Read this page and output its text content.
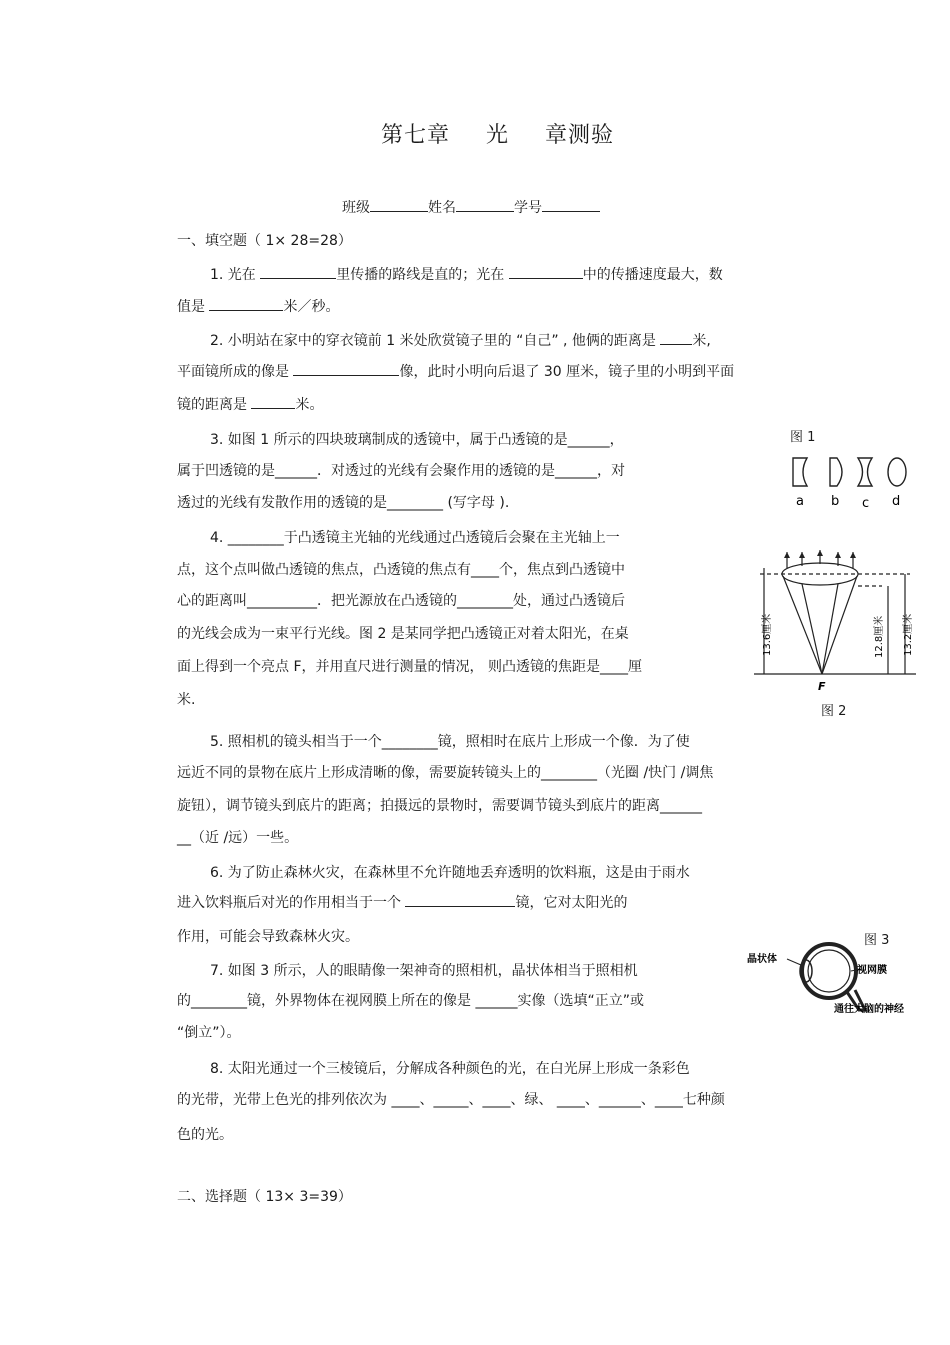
第七章 光 章测验
班级	姓名	学号
一、填空题（ 1× 28=28）
1. 光在	里传播的路线是直的；光在	中的传播速度最大，数
值是	米／秒。
2. 小明站在家中的穿衣镜前 1 米处欣赏镜子里的 “自己” , 他俩的距离是 米,
平面镜所成的像是	像，此时小明向后退了 30 厘米，镜子里的小明到平面
镜的距离是	米。
3. 如图 1 所示的四块玻璃制成的透镜中，属于凸透镜的是______，
属于凹透镜的是______．对透过的光线有会聚作用的透镜的是______，对
透过的光线有发散作用的透镜的是________ (写字母 ).
4. ________于凸透镜主光轴的光线通过凸透镜后会聚在主光轴上一
点，这个点叫做凸透镜的焦点，凸透镜的焦点有____个，焦点到凸透镜中
心的距离叫__________．把光源放在凸透镜的________处，通过凸透镜后
的光线会成为一束平行光线。图 2 是某同学把凸透镜正对着太阳光，在桌
面上得到一个亮点 F，并用直尺进行测量的情况， 则凸透镜的焦距是____厘
米.
5. 照相机的镜头相当于一个________镜，照相时在底片上形成一个像．为了使
远近不同的景物在底片上形成清晰的像，需要旋转镜头上的________（光圈 /快门 /调焦
旋钮），调节镜头到底片的距离；拍摄远的景物时，需要调节镜头到底片的距离______
__（近 /远）一些。
6. 为了防止森林火灾，在森林里不允许随地丢弃透明的饮料瓶，这是由于雨水
进入饮料瓶后对光的作用相当于一个	镜，它对太阳光的
作用，可能会导致森林火灾。
7. 如图 3 所示，人的眼睛像一架神奇的照相机，晶状体相当于照相机
的________镜，外界物体在视网膜上所在的像是 ______实像（选填“正立”或
“倒立”）。
8. 太阳光通过一个三棱镜后，分解成各种颜色的光，在白光屏上形成一条彩色
的光带，光带上色光的排列依次为 ____、_____、____、绿、 ____、______、____七种颜
色的光。
二、选择题（ 13× 3=39）
图 1
a b c d
13.6厘米	12.8厘米 13.2厘米
F
图 2
图 3
晶状体
视网膜
通往大脑的神经
